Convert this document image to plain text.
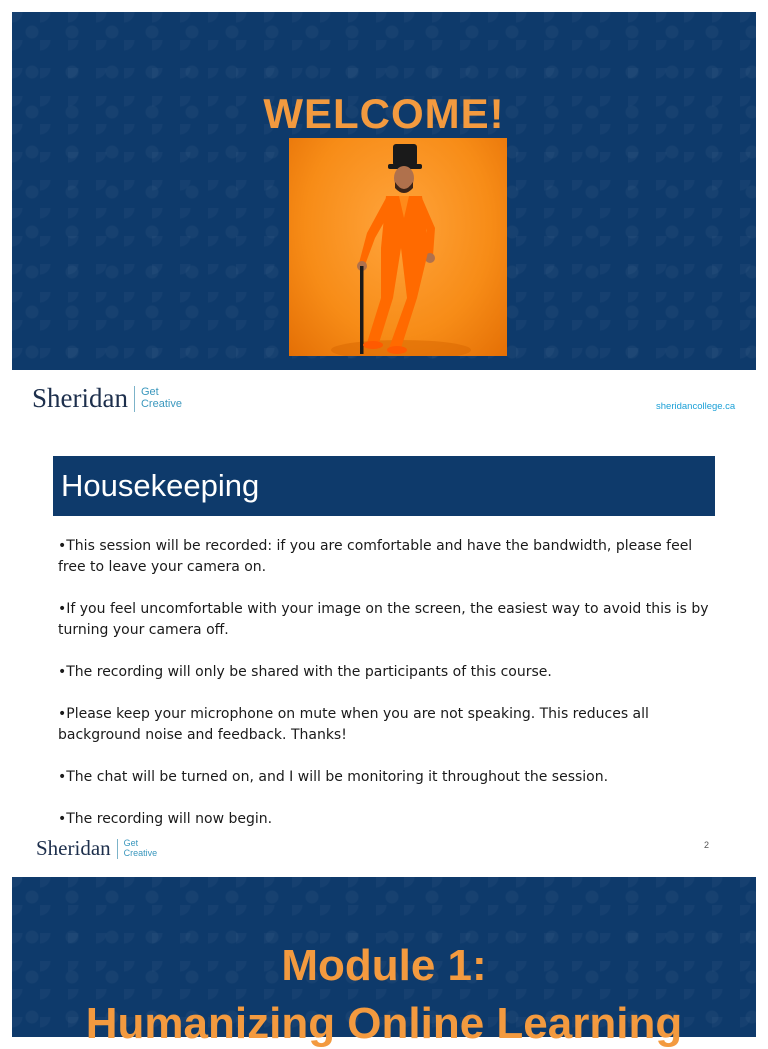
WELCOME!
Sheridan Get
Creative	sheridancollege.ca
Housekeeping

•This session will be recorded: if you are comfortable and have the bandwidth, please feel free to leave your camera on.

•If you feel uncomfortable with your image on the screen, the easiest way to avoid this is by turning your camera off.

•The recording will only be shared with the participants of this course.

•Please keep your microphone on mute when you are not speaking. This reduces all background noise and feedback. Thanks!

•The chat will be turned on, and I will be monitoring it throughout the session.

•The recording will now begin.

Sheridan Get
Creative
2
Module 1:
Humanizing Online Learning
